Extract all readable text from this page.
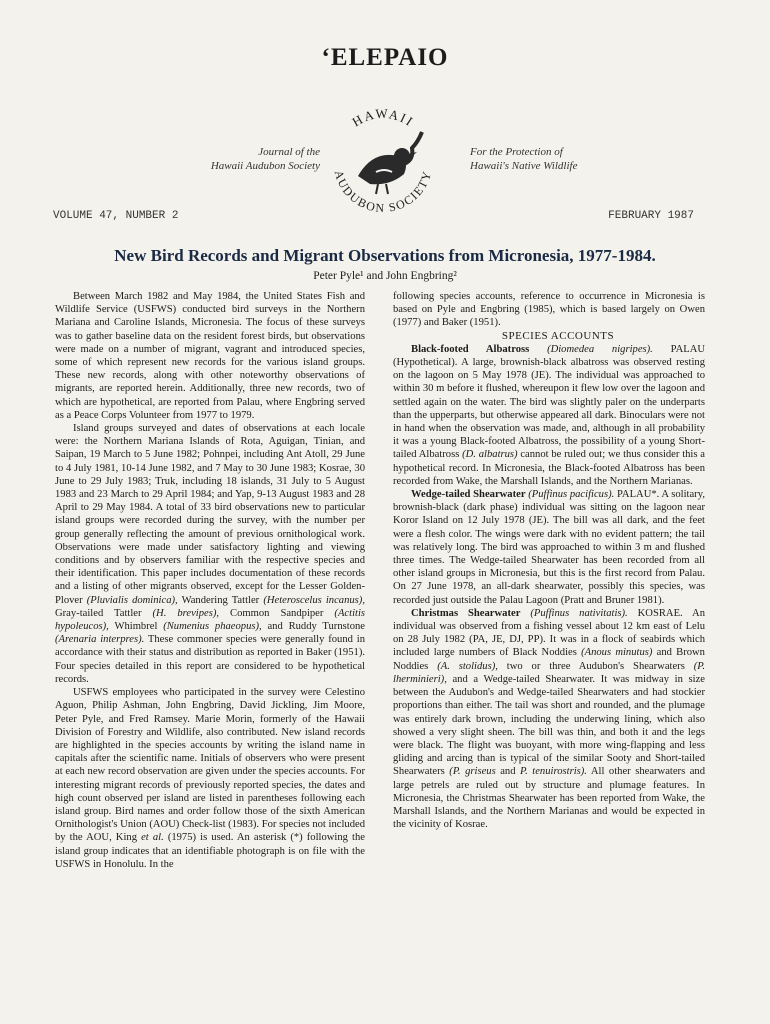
‘ELEPAIO
Journal of the
Hawaii Audubon Society
HAWAII
AUDUBON SOCIETY
For the Protection of
Hawaii's Native Wildlife
VOLUME 47, NUMBER 2	FEBRUARY 1987
New Bird Records and Migrant Observations from Micronesia, 1977-1984.
Peter Pyle¹ and John Engbring²

Between March 1982 and May 1984, the United States Fish and Wildlife Service (USFWS) conducted bird surveys in the Northern Mariana and Caroline Islands, Micronesia. The focus of these surveys was to gather baseline data on the resident forest birds, but observations were made on a number of migrant, vagrant and introduced species, some of which represent new records for the various island groups. These new records, along with other noteworthy observations of migrants, are reported herein. Additionally, three new records, two of which are hypothetical, are reported from Palau, where Engbring served as a Peace Corps Volunteer from 1977 to 1979.

Island groups surveyed and dates of observations at each locale were: the Northern Mariana Islands of Rota, Aguigan, Tinian, and Saipan, 19 March to 5 June 1982; Pohnpei, including Ant Atoll, 29 June to 4 July 1981, 10-14 June 1982, and 7 May to 30 June 1983; Kosrae, 30 June to 29 July 1983; Truk, including 18 islands, 31 July to 5 August 1983 and 23 March to 29 April 1984; and Yap, 9-13 August 1983 and 28 April to 29 May 1984. A total of 33 bird observations new to particular island groups were recorded during the survey, with the number per group generally reflecting the amount of previous ornithological work. Observations were made under satisfactory lighting and viewing conditions and by observers familiar with the respective species and their identification. This paper includes documentation of these records and a listing of other migrants observed, except for the Lesser Golden-Plover (Pluvialis dominica), Wandering Tattler (Heteroscelus incanus), Gray-tailed Tattler (H. brevipes), Common Sandpiper (Actitis hypoleucos), Whimbrel (Numenius phaeopus), and Ruddy Turnstone (Arenaria interpres). These commoner species were generally found in accordance with their status and distribution as reported in Baker (1951). Four species detailed in this report are considered to be hypothetical records.

USFWS employees who participated in the survey were Celestino Aguon, Philip Ashman, John Engbring, David Jickling, Jim Moore, Peter Pyle, and Fred Ramsey. Marie Morin, formerly of the Hawaii Division of Forestry and Wildlife, also contributed. New island records are highlighted in the species accounts by writing the island name in capitals after the scientific name. Initials of observers who were present at each new record observation are given under the species accounts. For interesting migrant records of previously reported species, the dates and high count observed per island are listed in parentheses following each island group. Bird names and order follow those of the sixth American Ornithologist's Union (AOU) Check-list (1983). For species not included by the AOU, King et al. (1975) is used. An asterisk (*) following the island group indicates that an identifiable photograph is on file with the USFWS in Honolulu. In the

following species accounts, reference to occurrence in Micronesia is based on Pyle and Engbring (1985), which is based largely on Owen (1977) and Baker (1951).

SPECIES ACCOUNTS

Black-footed Albatross (Diomedea nigripes). PALAU (Hypothetical). A large, brownish-black albatross was observed resting on the lagoon on 5 May 1978 (JE). The individual was approached to within 30 m before it flushed, whereupon it flew low over the lagoon and settled again on the water. The bird was slightly paler on the underparts than the upperparts, but otherwise appeared all dark. Binoculars were not in hand when the observation was made, and, although in all probability it was a young Black-footed Albatross, the possibility of a young Short-tailed Albatross (D. albatrus) cannot be ruled out; we thus consider this a hypothetical record. In Micronesia, the Black-footed Albatross has been recorded from Wake, the Marshall Islands, and the Northern Marianas.

Wedge-tailed Shearwater (Puffinus pacificus). PALAU*. A solitary, brownish-black (dark phase) individual was sitting on the lagoon near Koror Island on 12 July 1978 (JE). The bill was all dark, and the feet were a flesh color. The wings were dark with no evident pattern; the tail was relatively long. The bird was approached to within 3 m and flushed three times. The Wedge-tailed Shearwater has been recorded from all other island groups in Micronesia, but this is the first record from Palau. On 27 June 1978, an all-dark shearwater, possibly this species, was recorded just outside the Palau Lagoon (Pratt and Bruner 1981).

Christmas Shearwater (Puffinus nativitatis). KOSRAE. An individual was observed from a fishing vessel about 12 km east of Lelu on 28 July 1982 (PA, JE, DJ, PP). It was in a flock of seabirds which included large numbers of Black Noddies (Anous minutus) and Brown Noddies (A. stolidus), two or three Audubon's Shearwaters (P. lherminieri), and a Wedge-tailed Shearwater. It was midway in size between the Audubon's and Wedge-tailed Shearwaters and had stockier proportions than either. The tail was short and rounded, and the plumage was entirely dark brown, including the underwing lining, which also showed a very slight sheen. The bill was thin, and both it and the legs were black. The flight was buoyant, with more wing-flapping and less gliding and arcing than is typical of the similar Sooty and Short-tailed Shearwaters (P. griseus and P. tenuirostris). All other shearwaters and large petrels are ruled out by structure and plumage features. In Micronesia, the Christmas Shearwater has been reported from Wake, the Marshall Islands, and the Northern Marianas and would be expected in the vicinity of Kosrae.
